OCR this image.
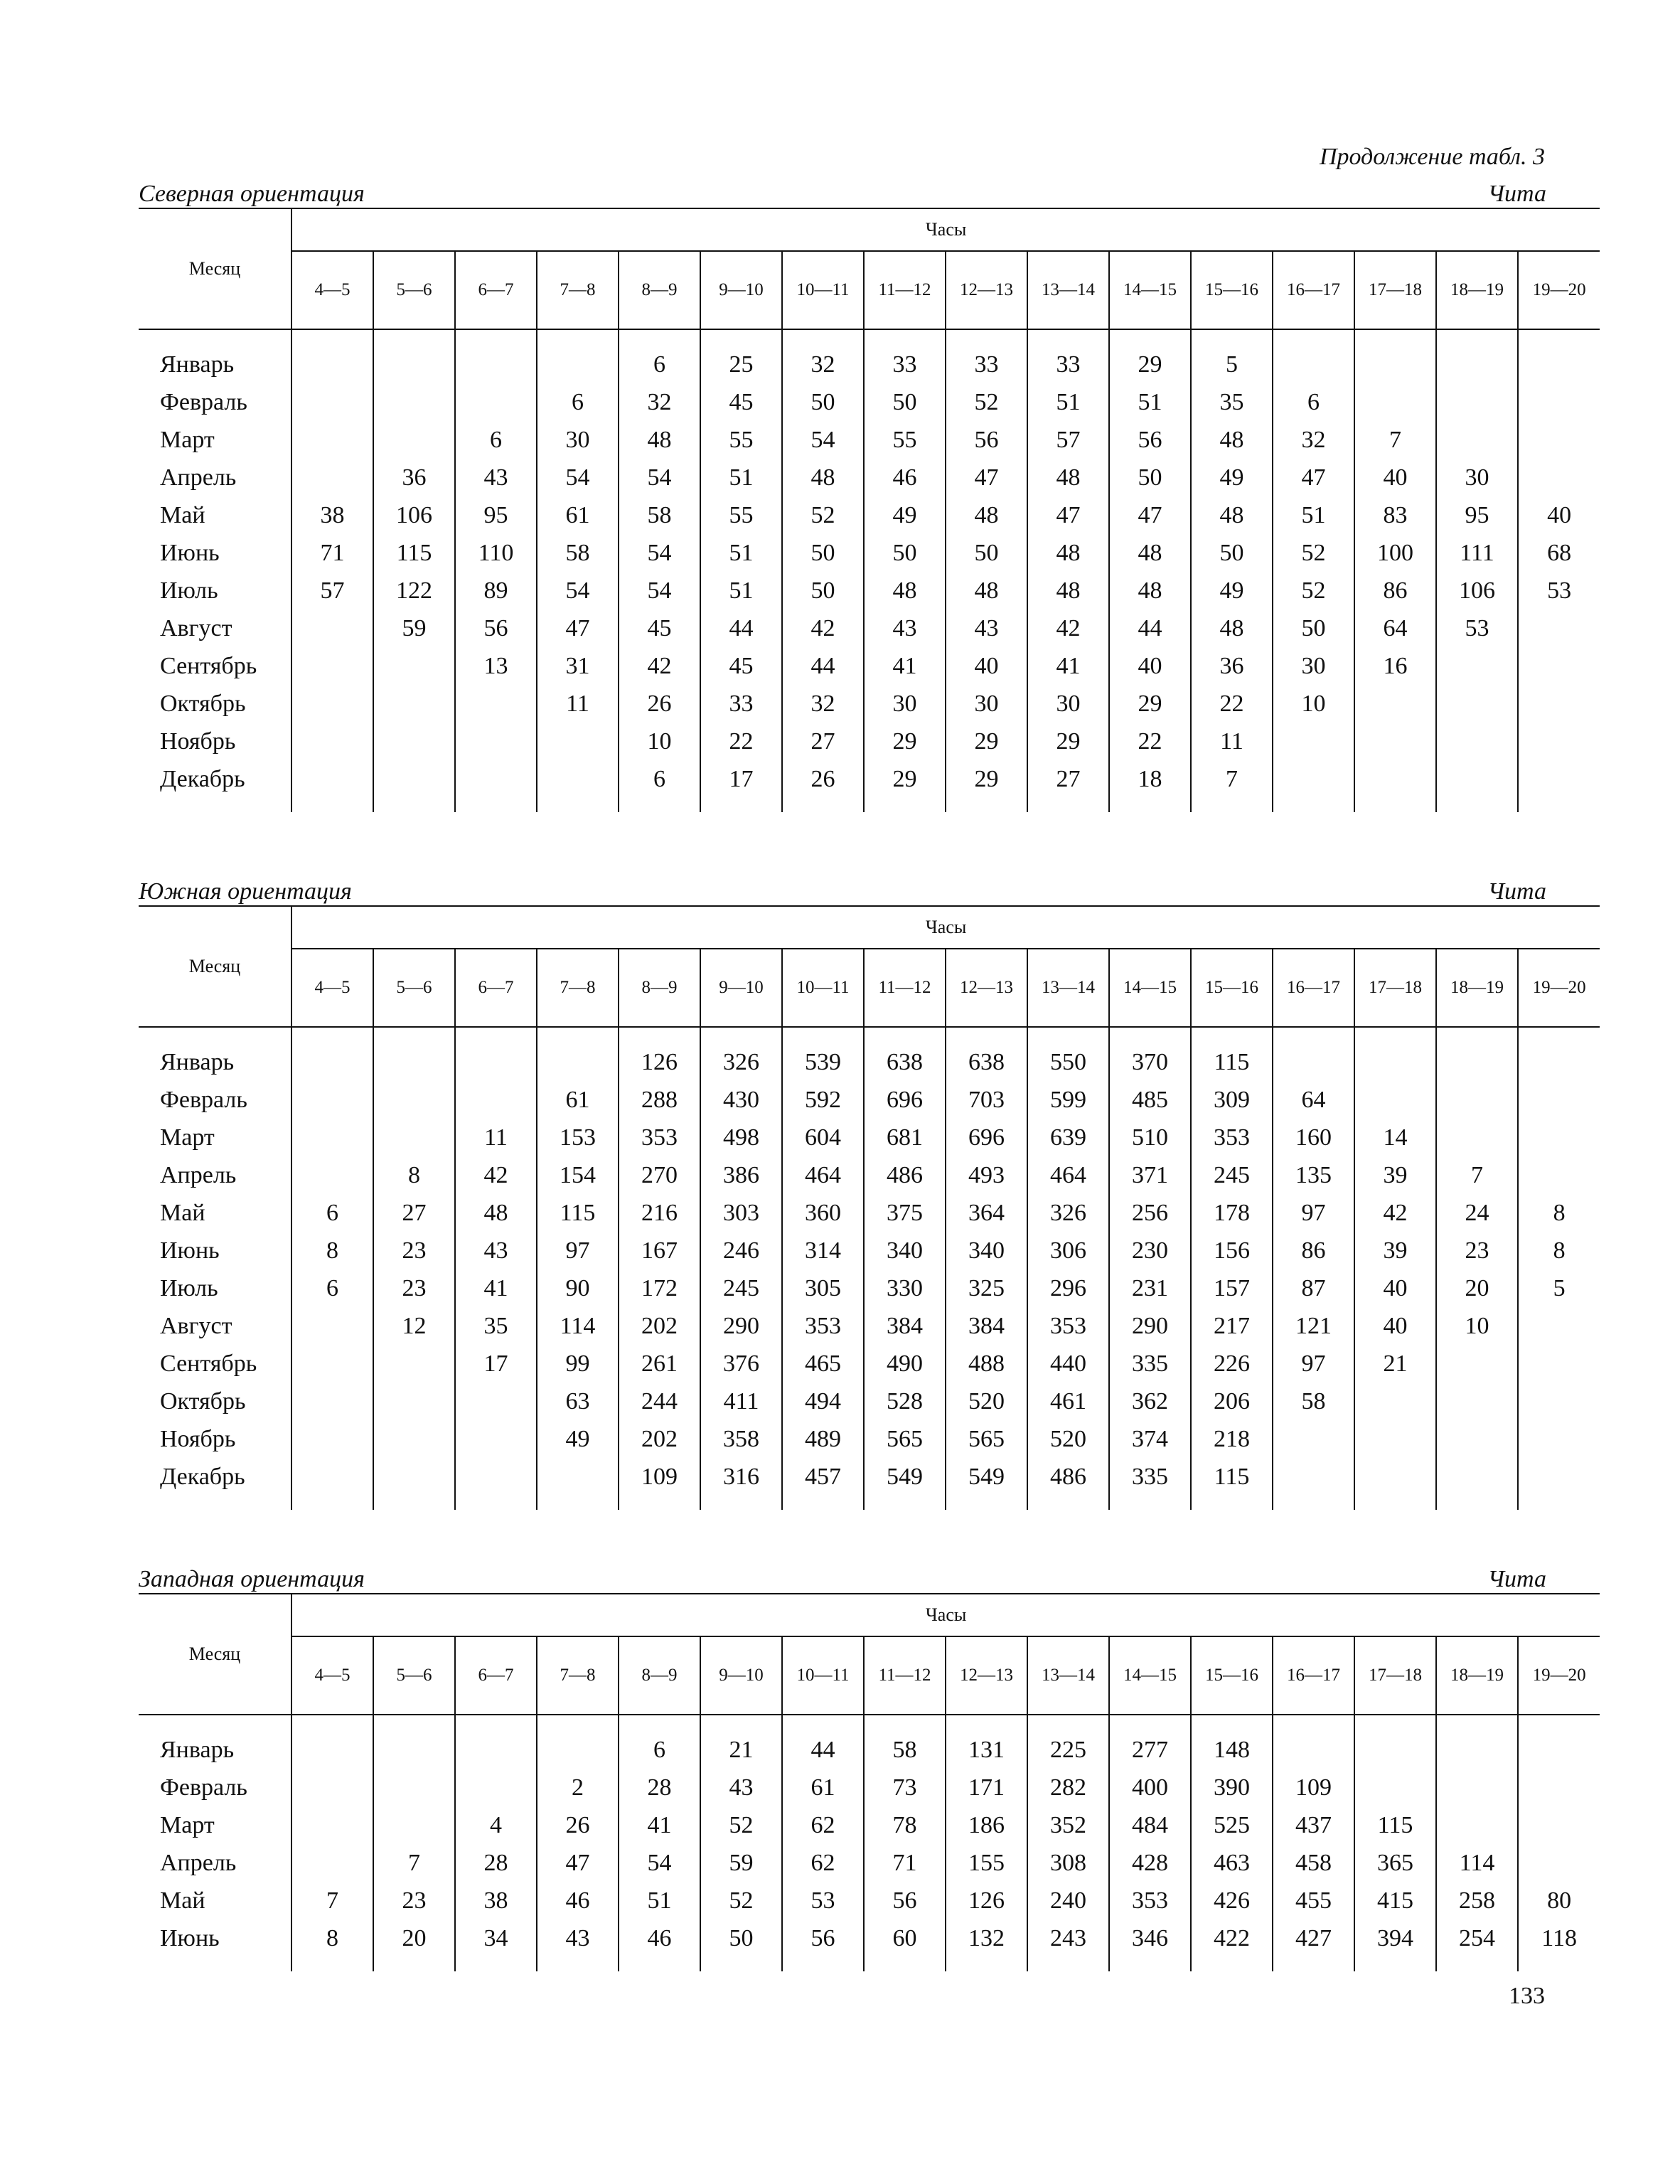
Продолжение табл. 3
Северная ориентация	Чита
Месяц	Часы															
	4—5	5—6	6—7	7—8	8—9	9—10	10—11	11—12	12—13	13—14	14—15	15—16	16—17	17—18	18—19	19—20
Январь					6	25	32	33	33	33	29	5				
Февраль				6	32	45	50	50	52	51	51	35	6			
Март			6	30	48	55	54	55	56	57	56	48	32	7		
Апрель		36	43	54	54	51	48	46	47	48	50	49	47	40	30	
Май	38	106	95	61	58	55	52	49	48	47	47	48	51	83	95	40
Июнь	71	115	110	58	54	51	50	50	50	48	48	50	52	100	111	68
Июль	57	122	89	54	54	51	50	48	48	48	48	49	52	86	106	53
Август		59	56	47	45	44	42	43	43	42	44	48	50	64	53	
Сентябрь			13	31	42	45	44	41	40	41	40	36	30	16		
Октябрь				11	26	33	32	30	30	30	29	22	10			
Ноябрь					10	22	27	29	29	29	22	11				
Декабрь					6	17	26	29	29	27	18	7				
Южная ориентация	Чита
Месяц	Часы															
	4—5	5—6	6—7	7—8	8—9	9—10	10—11	11—12	12—13	13—14	14—15	15—16	16—17	17—18	18—19	19—20
Январь					126	326	539	638	638	550	370	115				
Февраль				61	288	430	592	696	703	599	485	309	64			
Март			11	153	353	498	604	681	696	639	510	353	160	14		
Апрель		8	42	154	270	386	464	486	493	464	371	245	135	39	7	
Май	6	27	48	115	216	303	360	375	364	326	256	178	97	42	24	8
Июнь	8	23	43	97	167	246	314	340	340	306	230	156	86	39	23	8
Июль	6	23	41	90	172	245	305	330	325	296	231	157	87	40	20	5
Август		12	35	114	202	290	353	384	384	353	290	217	121	40	10	
Сентябрь			17	99	261	376	465	490	488	440	335	226	97	21		
Октябрь				63	244	411	494	528	520	461	362	206	58			
Ноябрь				49	202	358	489	565	565	520	374	218				
Декабрь					109	316	457	549	549	486	335	115				
Западная ориентация	Чита
Месяц	Часы															
	4—5	5—6	6—7	7—8	8—9	9—10	10—11	11—12	12—13	13—14	14—15	15—16	16—17	17—18	18—19	19—20
Январь					6	21	44	58	131	225	277	148				
Февраль				2	28	43	61	73	171	282	400	390	109			
Март			4	26	41	52	62	78	186	352	484	525	437	115		
Апрель		7	28	47	54	59	62	71	155	308	428	463	458	365	114	
Май	7	23	38	46	51	52	53	56	126	240	353	426	455	415	258	80
Июнь	8	20	34	43	46	50	56	60	132	243	346	422	427	394	254	118
133
